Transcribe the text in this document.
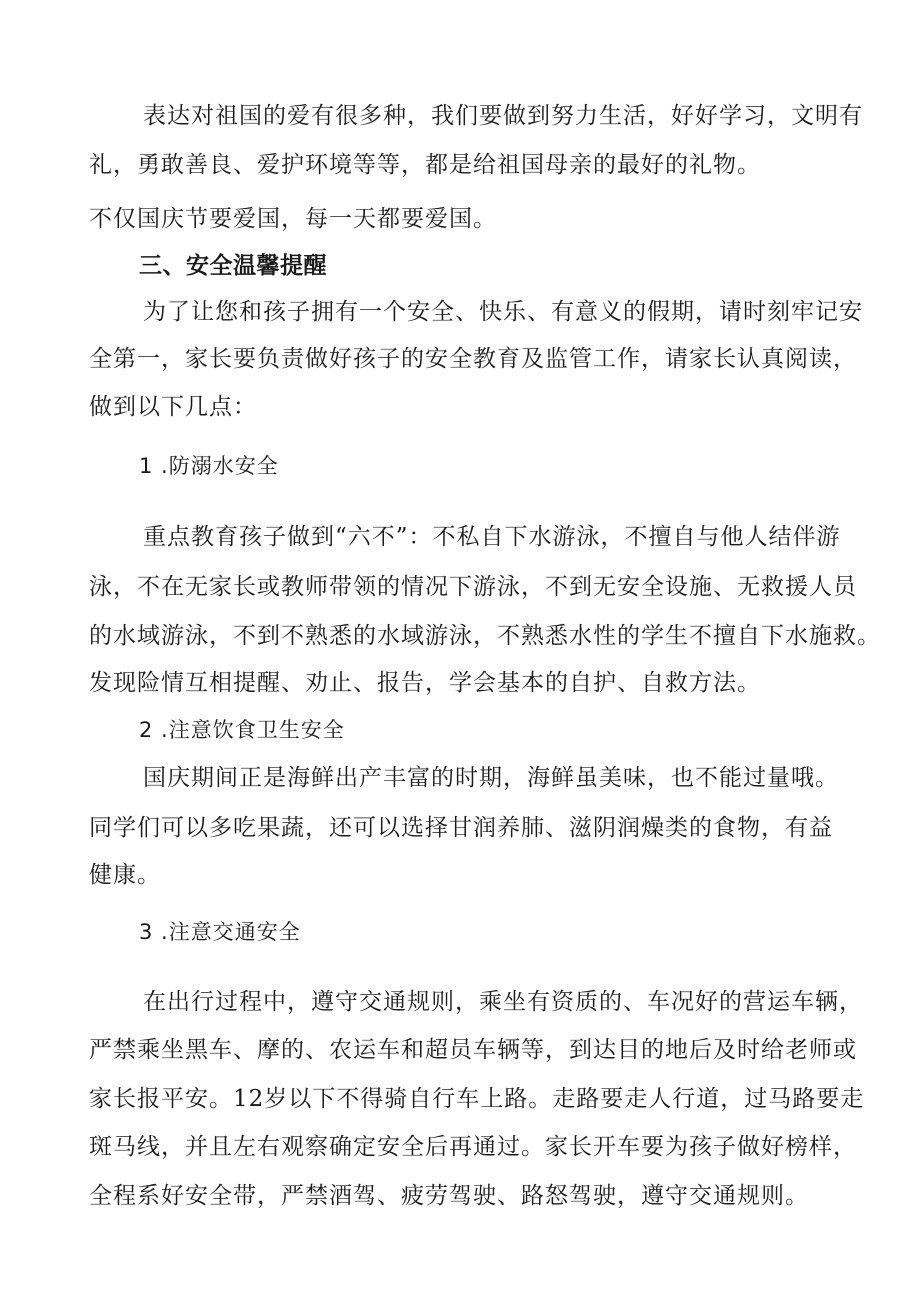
表达对祖国的爱有很多种，我们要做到努力生活，好好学习，文明有
礼，勇敢善良、爱护环境等等，都是给祖国母亲的最好的礼物。
不仅国庆节要爱国，每一天都要爱国。
三、安全温馨提醒
为了让您和孩子拥有一个安全、快乐、有意义的假期，请时刻牢记安
全第一，家长要负责做好孩子的安全教育及监管工作，请家长认真阅读，
做到以下几点：
1 .防溺水安全
重点教育孩子做到“六不”：不私自下水游泳，不擅自与他人结伴游
泳，不在无家长或教师带领的情况下游泳，不到无安全设施、无救援人员
的水域游泳，不到不熟悉的水域游泳，不熟悉水性的学生不擅自下水施救。
发现险情互相提醒、劝止、报告，学会基本的自护、自救方法。
2 .注意饮食卫生安全
国庆期间正是海鲜出产丰富的时期，海鲜虽美味，也不能过量哦。
同学们可以多吃果蔬，还可以选择甘润养肺、滋阴润燥类的食物，有益
健康。
3 .注意交通安全
在出行过程中，遵守交通规则，乘坐有资质的、车况好的营运车辆，
严禁乘坐黑车、摩的、农运车和超员车辆等，到达目的地后及时给老师或
家长报平安。12岁以下不得骑自行车上路。走路要走人行道，过马路要走
斑马线，并且左右观察确定安全后再通过。家长开车要为孩子做好榜样，
全程系好安全带，严禁酒驾、疲劳驾驶、路怒驾驶，遵守交通规则。
